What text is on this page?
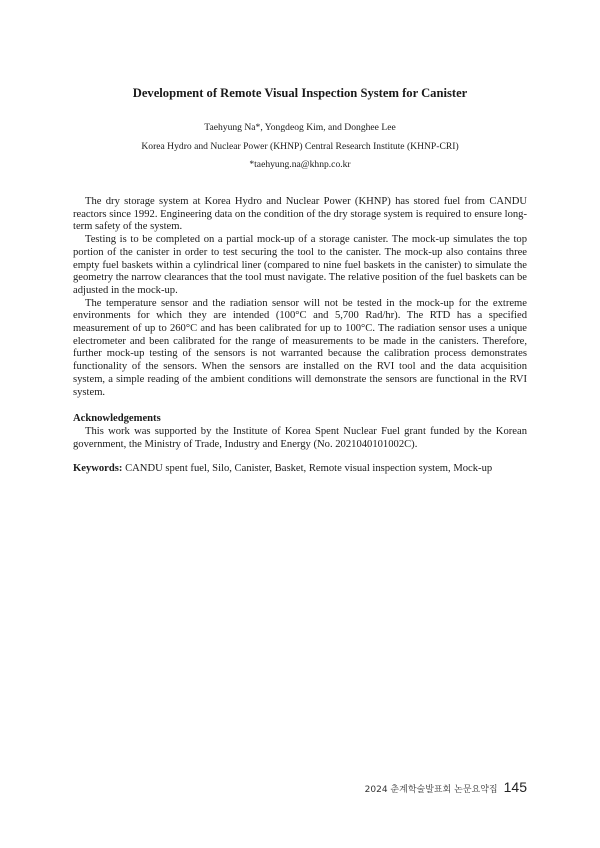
Development of Remote Visual Inspection System for Canister
Taehyung Na*, Yongdeog Kim, and Donghee Lee
Korea Hydro and Nuclear Power (KHNP) Central Research Institute (KHNP-CRI)
*taehyung.na@khnp.co.kr

The dry storage system at Korea Hydro and Nuclear Power (KHNP) has stored fuel from CANDU reactors since 1992. Engineering data on the condition of the dry storage system is required to ensure long-term safety of the system.

Testing is to be completed on a partial mock-up of a storage canister. The mock-up simulates the top portion of the canister in order to test securing the tool to the canister. The mock-up also contains three empty fuel baskets within a cylindrical liner (compared to nine fuel baskets in the canister) to simulate the geometry the narrow clearances that the tool must navigate. The relative position of the fuel baskets can be adjusted in the mock-up.

The temperature sensor and the radiation sensor will not be tested in the mock-up for the extreme environments for which they are intended (100°C and 5,700 Rad/hr). The RTD has a specified measurement of up to 260°C and has been calibrated for up to 100°C. The radiation sensor uses a unique electrometer and been calibrated for the range of measurements to be made in the canisters. Therefore, further mock-up testing of the sensors is not warranted because the calibration process demonstrates functionality of the sensors. When the sensors are installed on the RVI tool and the data acquisition system, a simple reading of the ambient conditions will demonstrate the sensors are functional in the RVI system.

Acknowledgements

This work was supported by the Institute of Korea Spent Nuclear Fuel grant funded by the Korean government, the Ministry of Trade, Industry and Energy (No. 2021040101002C).

Keywords: CANDU spent fuel, Silo, Canister, Basket, Remote visual inspection system, Mock-up
2024 춘계학술발표회 논문요약집 145
